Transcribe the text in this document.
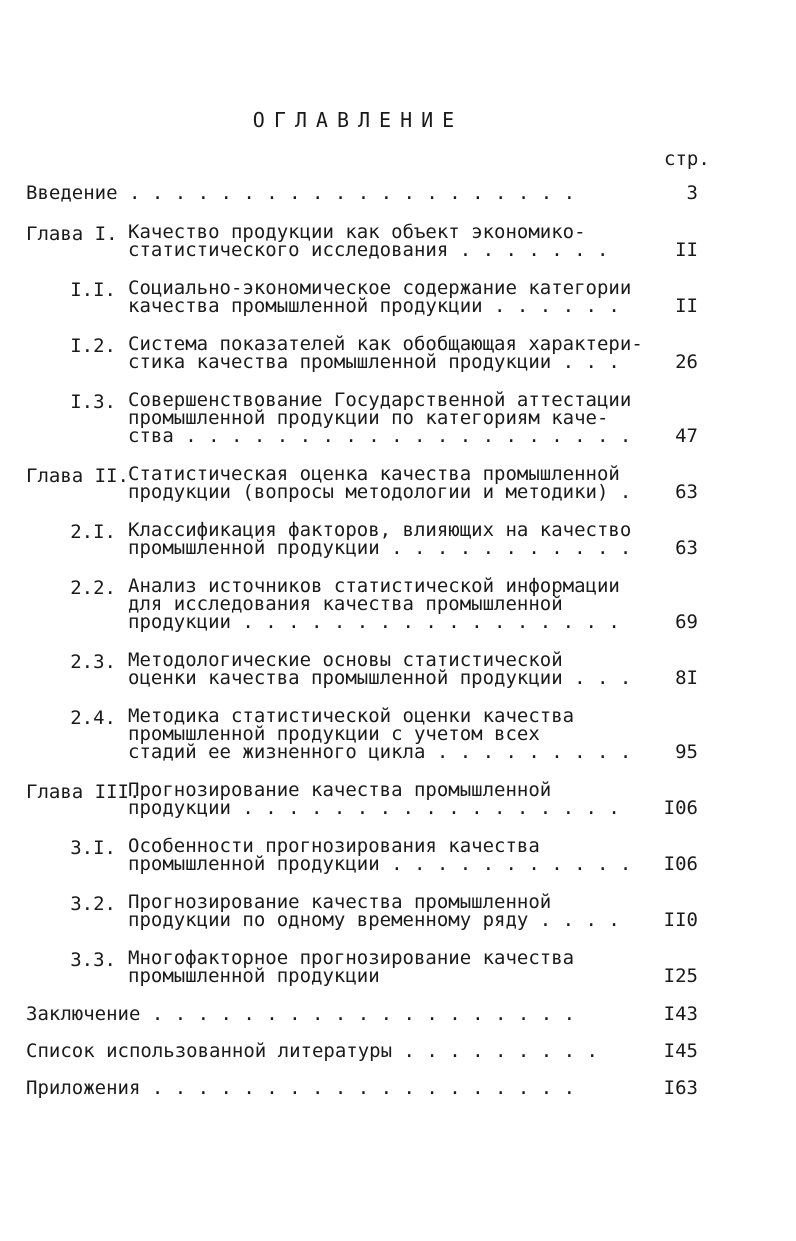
ОГЛАВЛЕНИЕ
стр.
Введение . . . . . . . . . . . . . . . . . . . .	3
Глава I. Качество продукции как объект экономико-
статистического исследования . . . . . . .	II
I.I. Социально-экономическое содержание категории
качества промышленной продукции . . . . . .	II
I.2. Система показателей как обобщающая характери-
стика качества промышленной продукции . . .	26
I.3. Совершенствование Государственной аттестации
промышленной продукции по категориям каче-
ства . . . . . . . . . . . . . . . . . . . .	47
Глава II. Статистическая оценка качества промышленной
продукции (вопросы методологии и методики) .	63
2.I. Классификация факторов, влияющих на качество
промышленной продукции . . . . . . . . . . .	63
2.2. Анализ источников статистической информации
для исследования качества промышленной
продукции . . . . . . . . . . . . . . . . .	69
2.3. Методологические основы статистической
оценки качества промышленной продукции . . .	8I
2.4. Методика статистической оценки качества
промышленной продукции с учетом всех
стадий ее жизненного цикла . . . . . . . . .	95
Глава III.
Прогнозирование качества промышленной
продукции . . . . . . . . . . . . . . . . .	I06
3.I. Особенности прогнозирования качества
промышленной продукции . . . . . . . . . . .	I06
3.2. Прогнозирование качества промышленной
продукции по одному временному ряду . . . .	II0
3.3. Многофакторное прогнозирование качества
промышленной продукции	I25
Заключение . . . . . . . . . . . . . . . . . . .	I43
Список использованной литературы . . . . . . . . .	I45
Приложения . . . . . . . . . . . . . . . . . . .	I63
